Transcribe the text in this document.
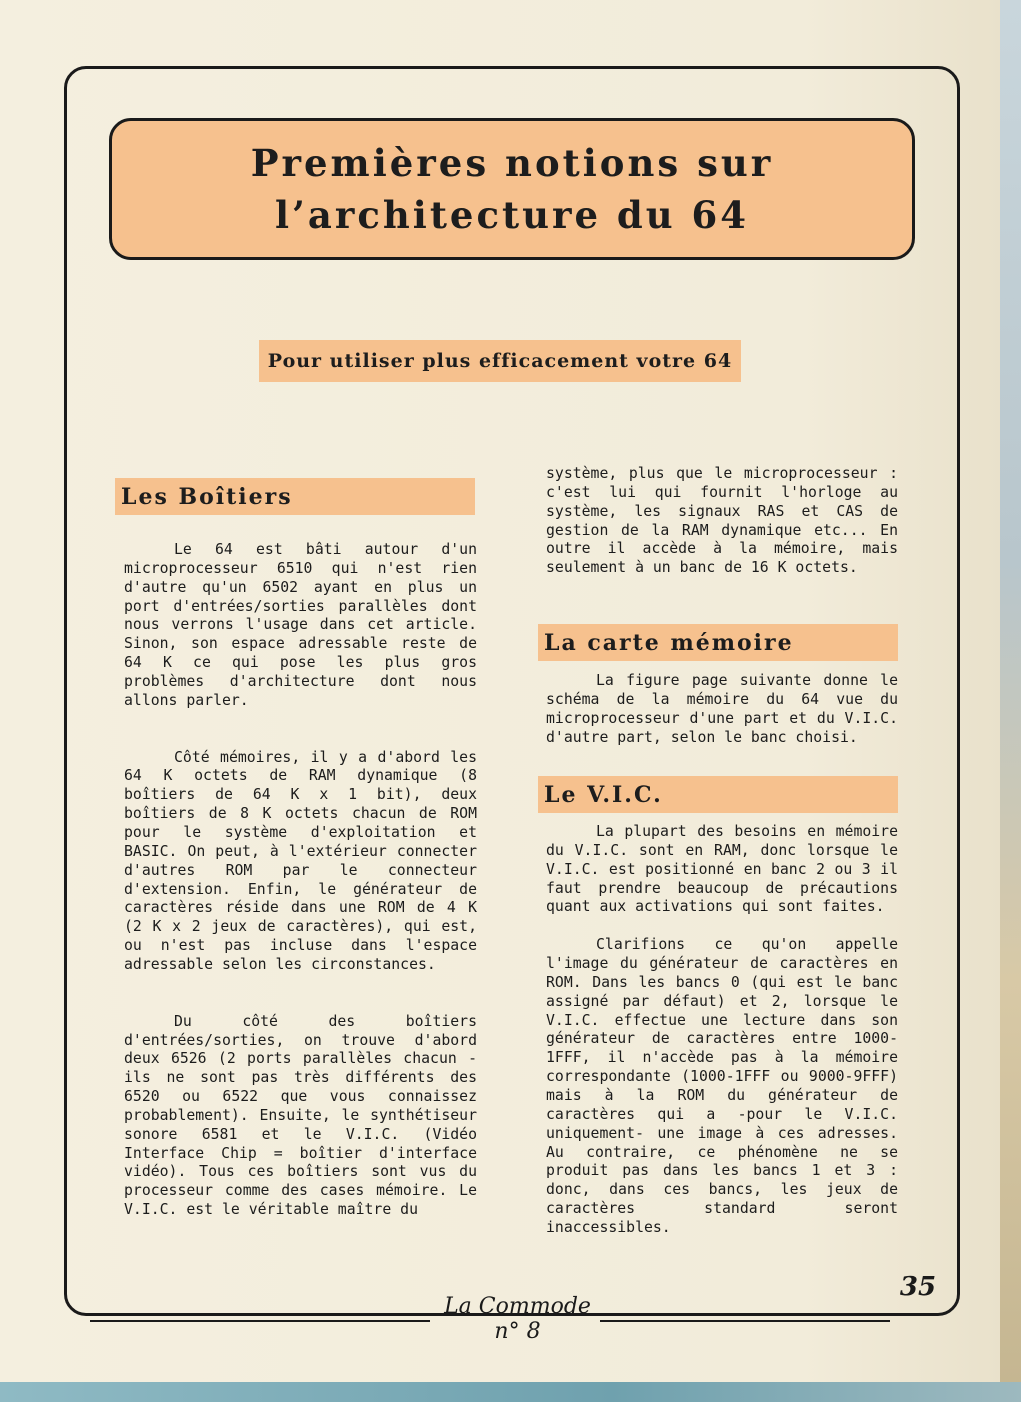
Premières notions sur
l’architecture du 64
Pour utiliser plus efficacement votre 64
Les Boîtiers

Le 64 est bâti autour d'un microprocesseur 6510 qui n'est rien d'autre qu'un 6502 ayant en plus un port d'entrées/sorties parallèles dont nous verrons l'usage dans cet article. Sinon, son espace adressable reste de 64 K ce qui pose les plus gros problèmes d'architecture dont nous allons parler.

Côté mémoires, il y a d'abord les 64 K octets de RAM dynamique (8 boîtiers de 64 K x 1 bit), deux boîtiers de 8 K octets chacun de ROM pour le système d'exploitation et BASIC. On peut, à l'extérieur connecter d'autres ROM par le connecteur d'extension. Enfin, le générateur de caractères réside dans une ROM de 4 K (2 K x 2 jeux de caractères), qui est, ou n'est pas incluse dans l'espace adressable selon les circonstances.

Du côté des boîtiers d'entrées/sorties, on trouve d'abord deux 6526 (2 ports parallèles chacun - ils ne sont pas très différents des 6520 ou 6522 que vous connaissez probablement). Ensuite, le synthétiseur sonore 6581 et le V.I.C. (Vidéo Interface Chip = boîtier d'interface vidéo). Tous ces boîtiers sont vus du processeur comme des cases mémoire. Le V.I.C. est le véritable maître du

système, plus que le microprocesseur : c'est lui qui fournit l'horloge au système, les signaux RAS et CAS de gestion de la RAM dynamique etc... En outre il accède à la mémoire, mais seulement à un banc de 16 K octets.

La carte mémoire

La figure page suivante donne le schéma de la mémoire du 64 vue du microprocesseur d'une part et du V.I.C. d'autre part, selon le banc choisi.

Le V.I.C.

La plupart des besoins en mémoire du V.I.C. sont en RAM, donc lorsque le V.I.C. est positionné en banc 2 ou 3 il faut prendre beaucoup de précautions quant aux activations qui sont faites.

Clarifions ce qu'on appelle l'image du générateur de caractères en ROM. Dans les bancs 0 (qui est le banc assigné par défaut) et 2, lorsque le V.I.C. effectue une lecture dans son générateur de caractères entre 1000-1FFF, il n'accède pas à la mémoire correspondante (1000-1FFF ou 9000-9FFF) mais à la ROM du générateur de caractères qui a -pour le V.I.C. uniquement- une image à ces adresses. Au contraire, ce phénomène ne se produit pas dans les bancs 1 et 3 : donc, dans ces bancs, les jeux de caractères standard seront inaccessibles.

La Commode n° 8
35
